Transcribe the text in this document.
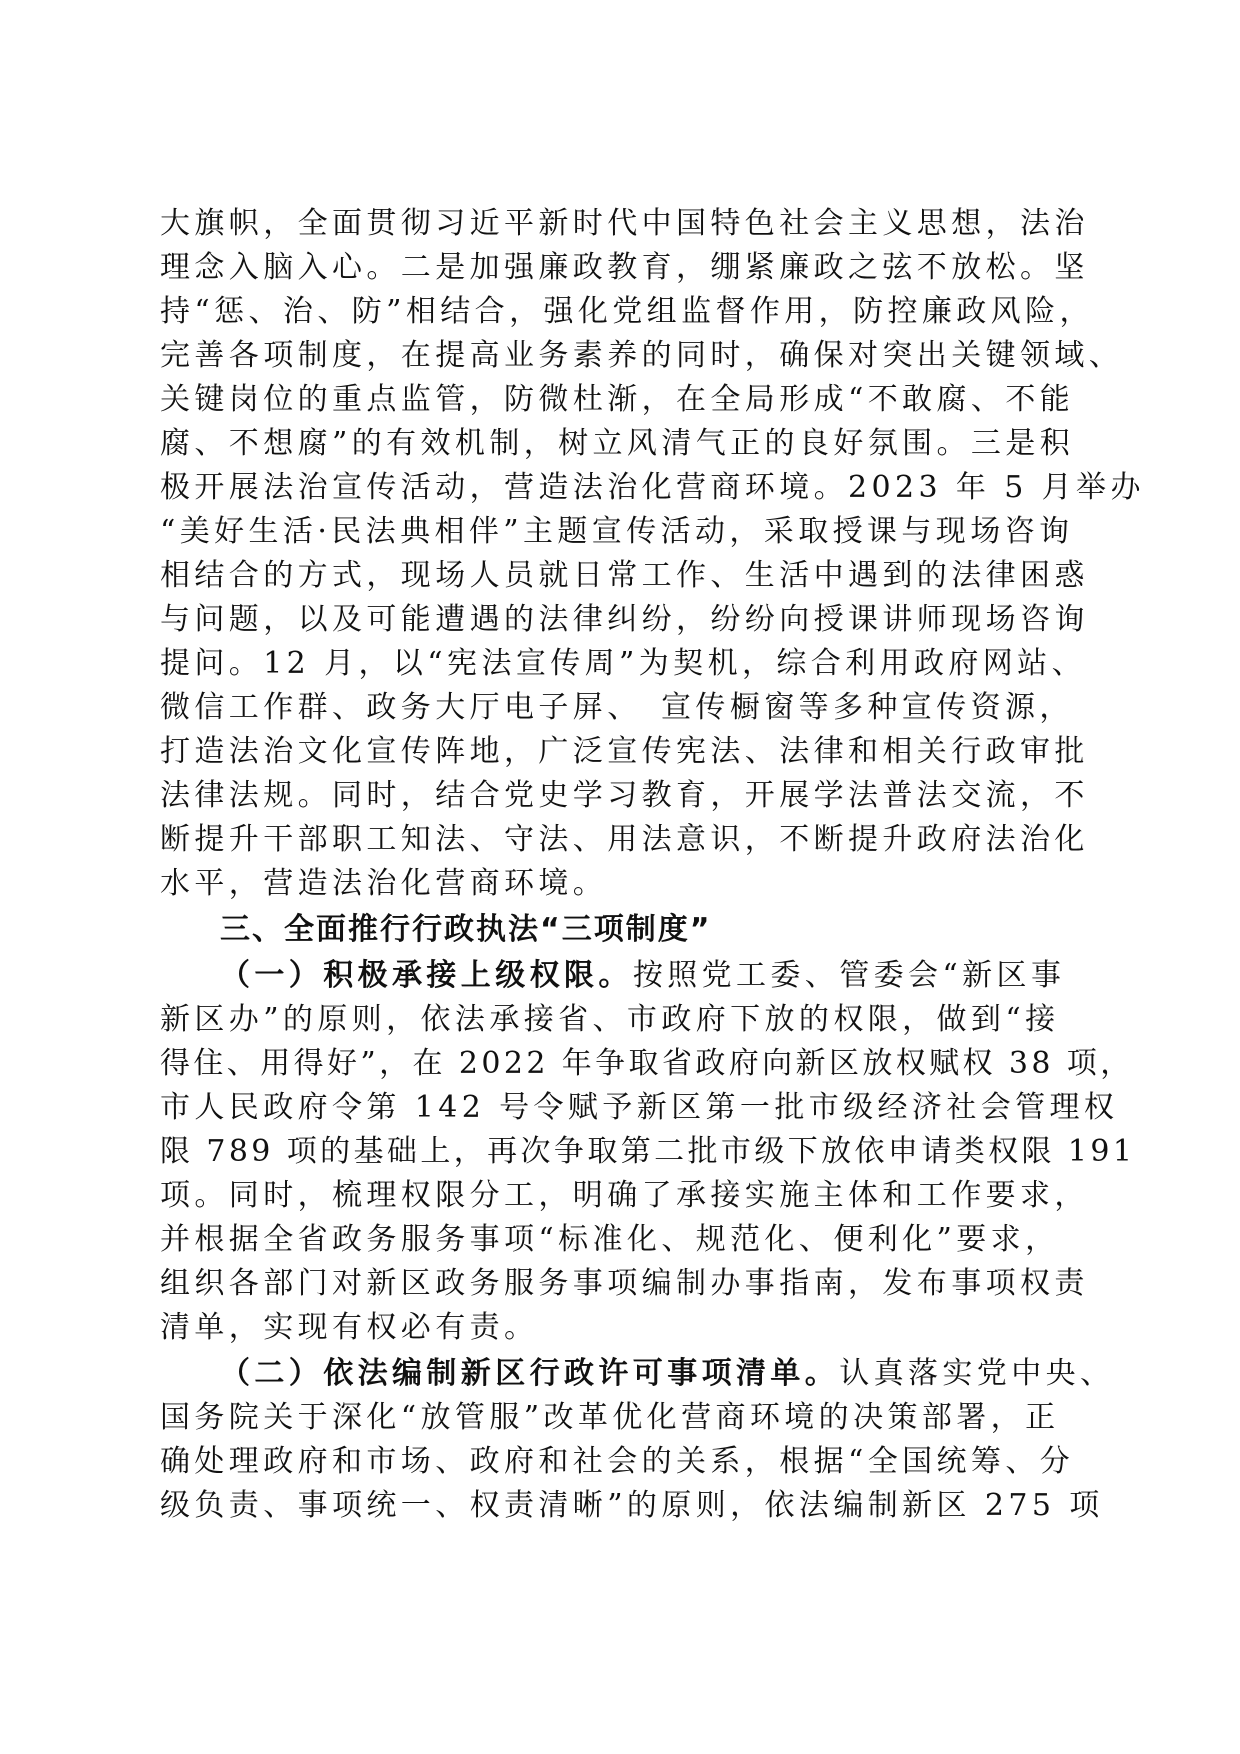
大旗帜，全面贯彻习近平新时代中国特色社会主义思想，法治
理念入脑入心。二是加强廉政教育，绷紧廉政之弦不放松。坚
持“惩、治、防”相结合，强化党组监督作用，防控廉政风险，
完善各项制度，在提高业务素养的同时，确保对突出关键领域、
关键岗位的重点监管，防微杜渐，在全局形成“不敢腐、不能
腐、不想腐”的有效机制，树立风清气正的良好氛围。三是积
极开展法治宣传活动，营造法治化营商环境。2023 年 5 月举办
“美好生活·民法典相伴”主题宣传活动，采取授课与现场咨询
相结合的方式，现场人员就日常工作、生活中遇到的法律困惑
与问题，以及可能遭遇的法律纠纷，纷纷向授课讲师现场咨询
提问。12 月，以“宪法宣传周”为契机，综合利用政府网站、
微信工作群、政务大厅电子屏、　宣传橱窗等多种宣传资源，
打造法治文化宣传阵地，广泛宣传宪法、法律和相关行政审批
法律法规。同时，结合党史学习教育，开展学法普法交流，不
断提升干部职工知法、守法、用法意识，不断提升政府法治化
水平，营造法治化营商环境。
三、全面推行行政执法“三项制度”
（一）积极承接上级权限。按照党工委、管委会“新区事
新区办”的原则，依法承接省、市政府下放的权限，做到“接
得住、用得好”，在 2022 年争取省政府向新区放权赋权 38 项，
市人民政府令第 142 号令赋予新区第一批市级经济社会管理权
限 789 项的基础上，再次争取第二批市级下放依申请类权限 191
项。同时，梳理权限分工，明确了承接实施主体和工作要求，
并根据全省政务服务事项“标准化、规范化、便利化”要求，
组织各部门对新区政务服务事项编制办事指南，发布事项权责
清单，实现有权必有责。
（二）依法编制新区行政许可事项清单。认真落实党中央、
国务院关于深化“放管服”改革优化营商环境的决策部署，正
确处理政府和市场、政府和社会的关系，根据“全国统筹、分
级负责、事项统一、权责清晰”的原则，依法编制新区 275 项
